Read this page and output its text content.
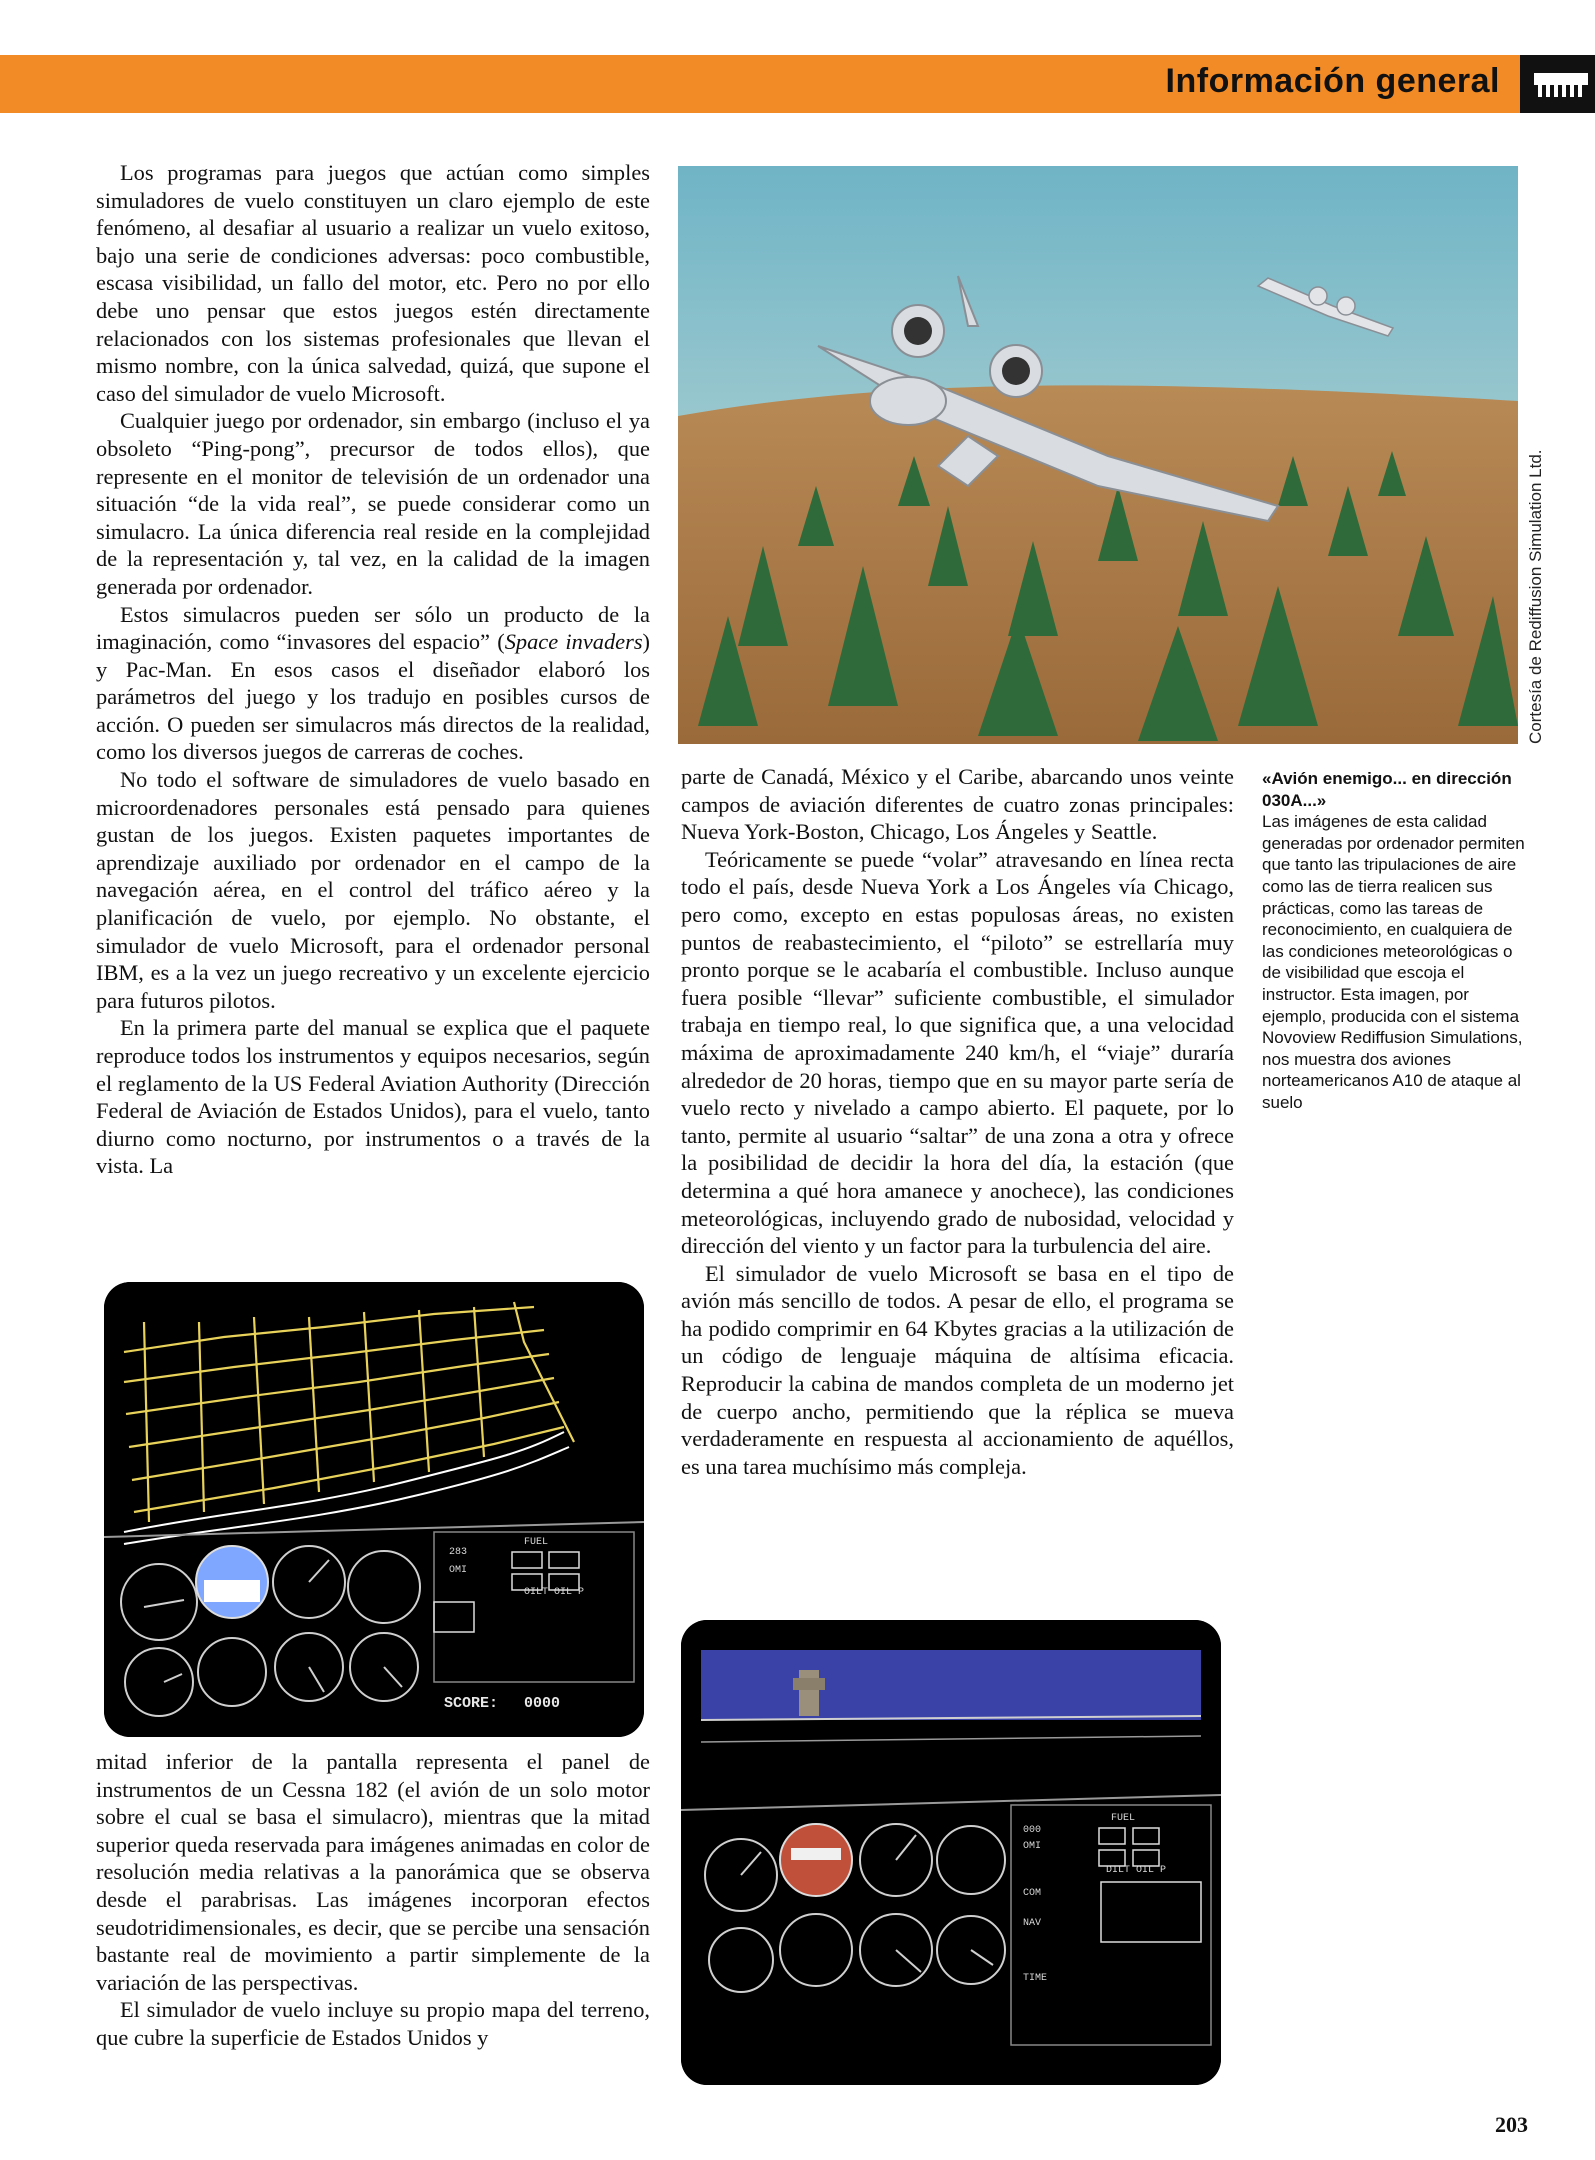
Información general

Los programas para juegos que actúan como simples simuladores de vuelo constituyen un claro ejemplo de este fenómeno, al desafiar al usuario a realizar un vuelo exitoso, bajo una serie de condiciones adversas: poco combustible, escasa visibilidad, un fallo del motor, etc. Pero no por ello debe uno pensar que estos juegos estén directamente relacionados con los sistemas profesionales que llevan el mismo nombre, con la única salvedad, quizá, que supone el caso del simulador de vuelo Microsoft.

Cualquier juego por ordenador, sin embargo (incluso el ya obsoleto “Ping-pong”, precursor de todos ellos), que represente en el monitor de televisión de un ordenador una situación “de la vida real”, se puede considerar como un simulacro. La única diferencia real reside en la complejidad de la representación y, tal vez, en la calidad de la imagen generada por ordenador.

Estos simulacros pueden ser sólo un producto de la imaginación, como “invasores del espacio” (Space invaders) y Pac-Man. En esos casos el diseñador elaboró los parámetros del juego y los tradujo en posibles cursos de acción. O pueden ser simulacros más directos de la realidad, como los diversos juegos de carreras de coches.

No todo el software de simuladores de vuelo basado en microordenadores personales está pensado para quienes gustan de los juegos. Existen paquetes importantes de aprendizaje auxiliado por ordenador en el campo de la navegación aérea, en el control del tráfico aéreo y la planificación de vuelo, por ejemplo. No obstante, el simulador de vuelo Microsoft, para el ordenador personal IBM, es a la vez un juego recreativo y un excelente ejercicio para futuros pilotos.

En la primera parte del manual se explica que el paquete reproduce todos los instrumentos y equipos necesarios, según el reglamento de la US Federal Aviation Authority (Dirección Federal de Aviación de Estados Unidos), para el vuelo, tanto diurno como nocturno, por instrumentos o a través de la vista. La

283
OMI
FUEL
OILT OIL P
SCORE: 0000

mitad inferior de la pantalla representa el panel de instrumentos de un Cessna 182 (el avión de un solo motor sobre el cual se basa el simulacro), mientras que la mitad superior queda reservada para imágenes animadas en color de resolución media relativas a la panorámica que se observa desde el parabrisas. Las imágenes incorporan efectos seudotridimensionales, es decir, que se percibe una sensación bastante real de movimiento a partir simplemente de la variación de las perspectivas.

El simulador de vuelo incluye su propio mapa del terreno, que cubre la superficie de Estados Unidos y

Cortesía de Rediffusion Simulation Ltd.
«Avión enemigo... en dirección 030A...»
Las imágenes de esta calidad generadas por ordenador permiten que tanto las tripulaciones de aire como las de tierra realicen sus prácticas, como las tareas de reconocimiento, en cualquiera de las condiciones meteorológicas o de visibilidad que escoja el instructor. Esta imagen, por ejemplo, producida con el sistema Novoview Rediffusion Simulations, nos muestra dos aviones norteamericanos A10 de ataque al suelo

parte de Canadá, México y el Caribe, abarcando unos veinte campos de aviación diferentes de cuatro zonas principales: Nueva York-Boston, Chicago, Los Ángeles y Seattle.

Teóricamente se puede “volar” atravesando en línea recta todo el país, desde Nueva York a Los Ángeles vía Chicago, pero como, excepto en estas populosas áreas, no existen puntos de reabastecimiento, el “piloto” se estrellaría muy pronto porque se le acabaría el combustible. Incluso aunque fuera posible “llevar” suficiente combustible, el simulador trabaja en tiempo real, lo que significa que, a una velocidad máxima de aproximadamente 240 km/h, el “viaje” duraría alrededor de 20 horas, tiempo que en su mayor parte sería de vuelo recto y nivelado a campo abierto. El paquete, por lo tanto, permite al usuario “saltar” de una zona a otra y ofrece la posibilidad de decidir la hora del día, la estación (que determina a qué hora amanece y anochece), las condiciones meteorológicas, incluyendo grado de nubosidad, velocidad y dirección del viento y un factor para la turbulencia del aire.

El simulador de vuelo Microsoft se basa en el tipo de avión más sencillo de todos. A pesar de ello, el programa se ha podido comprimir en 64 Kbytes gracias a la utilización de un código de lenguaje máquina de altísima eficacia. Reproducir la cabina de mandos completa de un moderno jet de cuerpo ancho, permitiendo que la réplica se mueva verdaderamente en respuesta al accionamiento de aquéllos, es una tarea muchísimo más compleja.

000
OMI
FUEL
DILT OIL P
COM
NAV
TIME
203
